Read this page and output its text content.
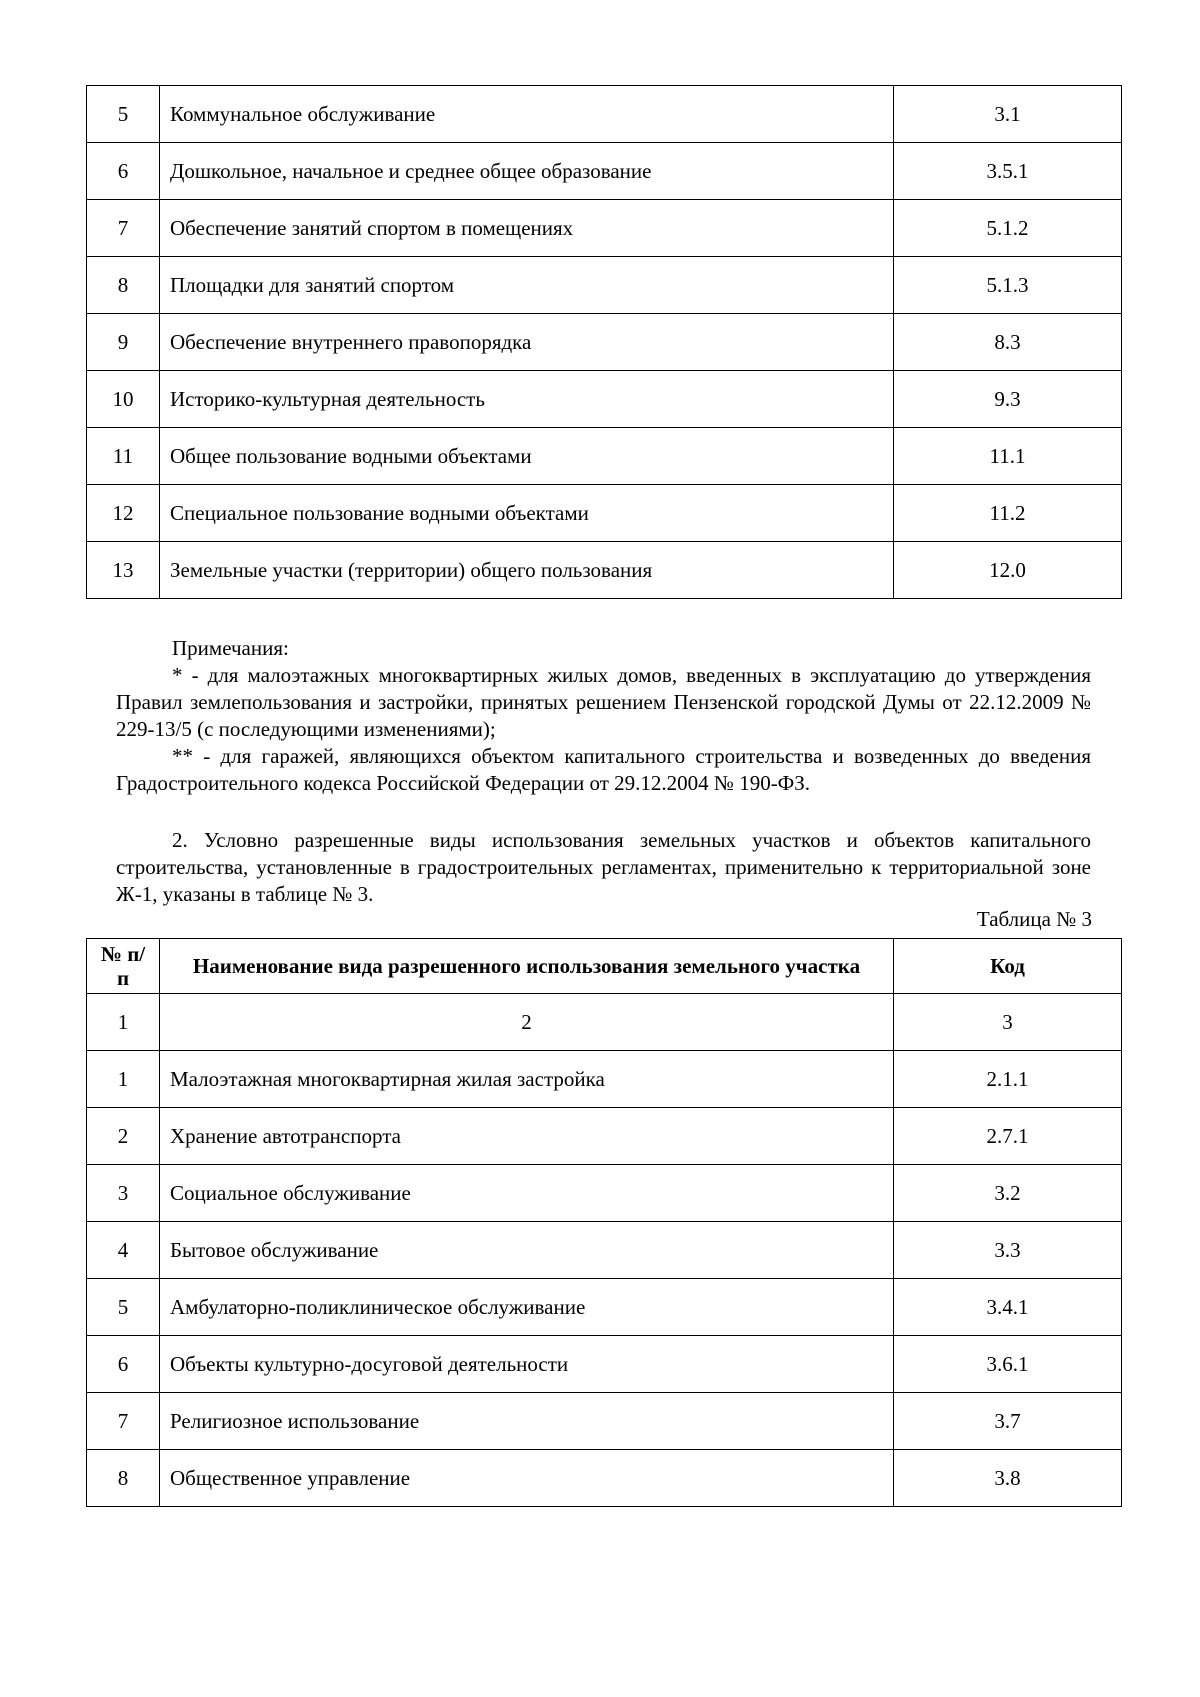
5	Коммунальное обслуживание	3.1
6	Дошкольное, начальное и среднее общее образование	3.5.1
7	Обеспечение занятий спортом в помещениях	5.1.2
8	Площадки для занятий спортом	5.1.3
9	Обеспечение внутреннего правопорядка	8.3
10	Историко-культурная деятельность	9.3
11	Общее пользование водными объектами	11.1
12	Специальное пользование водными объектами	11.2
13	Земельные участки (территории) общего пользования	12.0

Примечания:

* - для малоэтажных многоквартирных жилых домов, введенных в эксплуатацию до утверждения Правил землепользования и застройки, принятых решением Пензенской городской Думы от 22.12.2009 № 229-13/5 (с последующими изменениями);

** - для гаражей, являющихся объектом капитального строительства и возведенных до введения Градостроительного кодекса Российской Федерации от 29.12.2004 № 190-ФЗ.

2. Условно разрешенные виды использования земельных участков и объектов капитального строительства, установленные в градостроительных регламентах, применительно к территориальной зоне Ж-1, указаны в таблице № 3.

Таблица № 3
№ п/п	Наименование вида разрешенного использования земельного участка	Код
1	2	3
1	Малоэтажная многоквартирная жилая застройка	2.1.1
2	Хранение автотранспорта	2.7.1
3	Социальное обслуживание	3.2
4	Бытовое обслуживание	3.3
5	Амбулаторно-поликлиническое обслуживание	3.4.1
6	Объекты культурно-досуговой деятельности	3.6.1
7	Религиозное использование	3.7
8	Общественное управление	3.8
